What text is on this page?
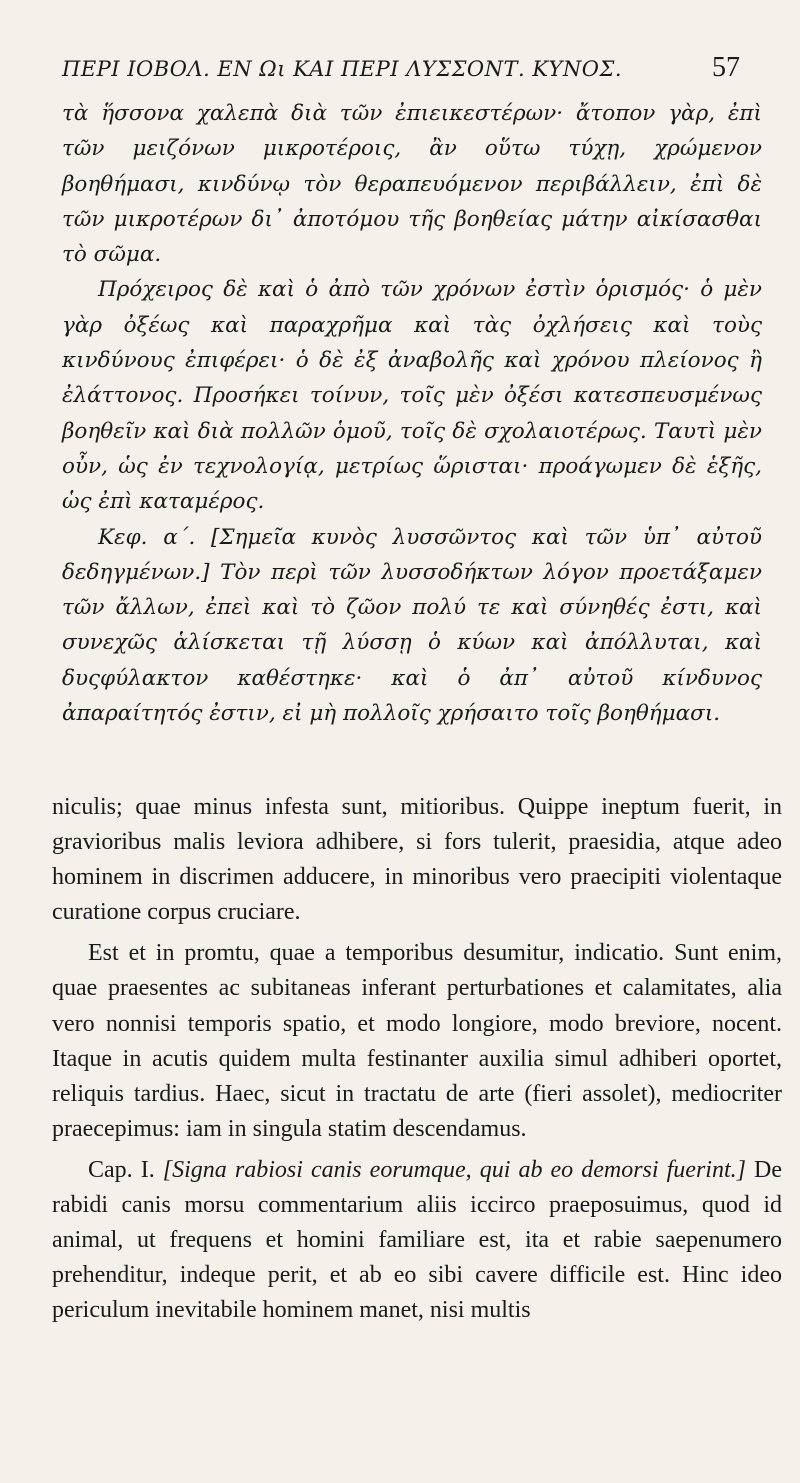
ΠΕΡΙ ΙΟΒΟΛ. ΕΝ Ωι ΚΑΙ ΠΕΡΙ ΛΥΣΣΟΝΤ. ΚΥΝΟΣ.	57

τὰ ἥσσονα χαλεπὰ διὰ τῶν ἐπιεικεστέρων· ἄτοπον γὰρ, ἐπὶ τῶν μειζόνων μικροτέροις, ἂν οὕτω τύχῃ, χρώμενον βοηθήμασι, κινδύνῳ τὸν θεραπευόμενον περιβάλλειν, ἐπὶ δὲ τῶν μικροτέρων δι᾽ ἀποτόμου τῆς βοηθείας μάτην αἰκίσασθαι τὸ σῶμα.

Πρόχειρος δὲ καὶ ὁ ἀπὸ τῶν χρόνων ἐστὶν ὁρισμός· ὁ μὲν γὰρ ὀξέως καὶ παραχρῆμα καὶ τὰς ὀχλήσεις καὶ τοὺς κινδύνους ἐπιφέρει· ὁ δὲ ἐξ ἀναβολῆς καὶ χρόνου πλείονος ἢ ἐλάττονος. Προσήκει τοίνυν, τοῖς μὲν ὀξέσι κατεσπευσμένως βοηθεῖν καὶ διὰ πολλῶν ὁμοῦ, τοῖς δὲ σχολαιοτέρως. Ταυτὶ μὲν οὖν, ὡς ἐν τεχνολογίᾳ, μετρίως ὥρισται· προάγωμεν δὲ ἑξῆς, ὡς ἐπὶ καταμέρος.

Κεφ. α΄. [Σημεῖα κυνὸς λυσσῶντος καὶ τῶν ὑπ᾽ αὐτοῦ δεδηγμένων.] Τὸν περὶ τῶν λυσσοδήκτων λόγον προετάξαμεν τῶν ἄλλων, ἐπεὶ καὶ τὸ ζῶον πολύ τε καὶ σύνηθές ἐστι, καὶ συνεχῶς ἁλίσκεται τῇ λύσσῃ ὁ κύων καὶ ἀπόλλυται, καὶ δυςφύλακτον καθέστηκε· καὶ ὁ ἀπ᾽ αὐτοῦ κίνδυνος ἀπαραίτητός ἐστιν, εἰ μὴ πολλοῖς χρήσαιτο τοῖς βοηθήμασι.

niculis; quae minus infesta sunt, mitioribus. Quippe ineptum fuerit, in gravioribus malis leviora adhibere, si fors tulerit, praesidia, atque adeo hominem in discrimen adducere, in minoribus vero praecipiti violentaque curatione corpus cruciare.

Est et in promtu, quae a temporibus desumitur, indicatio. Sunt enim, quae praesentes ac subitaneas inferant perturbationes et calamitates, alia vero nonnisi temporis spatio, et modo longiore, modo breviore, nocent. Itaque in acutis quidem multa festinanter auxilia simul adhiberi oportet, reliquis tardius. Haec, sicut in tractatu de arte (fieri assolet), mediocriter praecepimus: iam in singula statim descendamus.

Cap. I. [Signa rabiosi canis eorumque, qui ab eo demorsi fuerint.] De rabidi canis morsu commentarium aliis iccirco praeposuimus, quod id animal, ut frequens et homini familiare est, ita et rabie saepenumero prehenditur, indeque perit, et ab eo sibi cavere difficile est. Hinc ideo periculum inevitabile hominem manet, nisi multis
